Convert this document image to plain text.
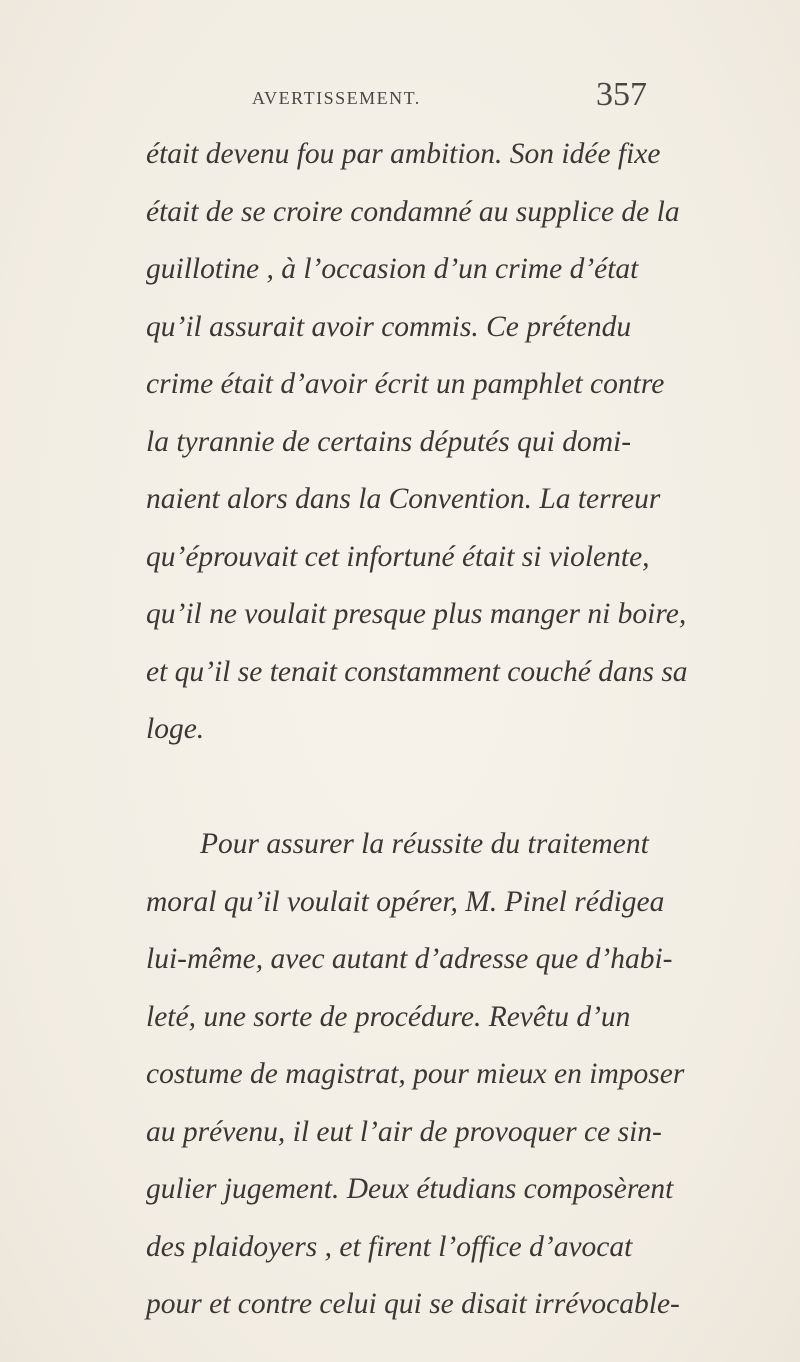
AVERTISSEMENT.	357
était devenu fou par ambition. Son idée fixe
était de se croire condamné au supplice de la
guillotine , à l’occasion d’un crime d’état
qu’il assurait avoir commis. Ce prétendu
crime était d’avoir écrit un pamphlet contre
la tyrannie de certains députés qui domi-
naient alors dans la Convention. La terreur
qu’éprouvait cet infortuné était si violente,
qu’il ne voulait presque plus manger ni boire,
et qu’il se tenait constamment couché dans sa
loge.
Pour assurer la réussite du traitement
moral qu’il voulait opérer, M. Pinel rédigea
lui-même, avec autant d’adresse que d’habi-
leté, une sorte de procédure. Revêtu d’un
costume de magistrat, pour mieux en imposer
au prévenu, il eut l’air de provoquer ce sin-
gulier jugement. Deux étudians composèrent
des plaidoyers , et firent l’office d’avocat
pour et contre celui qui se disait irrévocable-
